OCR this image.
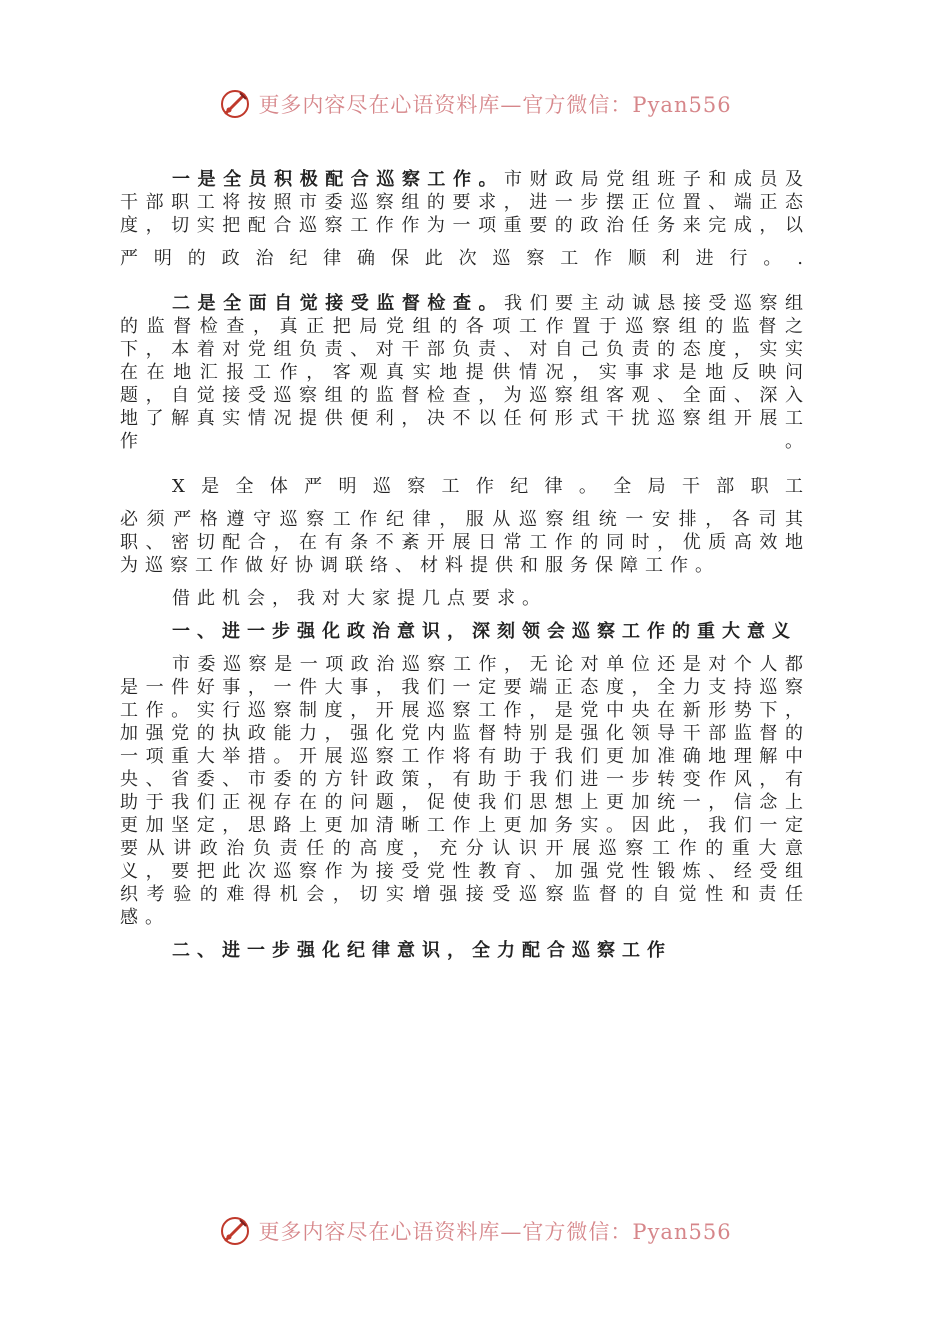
更多内容尽在心语资料库—官方微信：Pyan556

一是全员积极配合巡察工作。市财政局党组班子和成员及干部职工将按照市委巡察组的要求，进一步摆正位置、端正态度，切实把配合巡察工作作为一项重要的政治任务来完成，以

严明的政治纪律确保此次巡察工作顺利进行。.

二是全面自觉接受监督检查。我们要主动诚恳接受巡察组的监督检查，真正把局党组的各项工作置于巡察组的监督之下，本着对党组负责、对干部负责、对自己负责的态度，实实在在地汇报工作，客观真实地提供情况，实事求是地反映问题，自觉接受巡察组的监督检查，为巡察组客观、全面、深入地了解真实情况提供便利，决不以任何形式干扰巡察组开展工作。

X是全体严明巡察工作纪律。全局干部职工

必须严格遵守巡察工作纪律，服从巡察组统一安排，各司其职、密切配合，在有条不紊开展日常工作的同时，优质高效地为巡察工作做好协调联络、材料提供和服务保障工作。

借此机会，我对大家提几点要求。

一、进一步强化政治意识，深刻领会巡察工作的重大意义

市委巡察是一项政治巡察工作，无论对单位还是对个人都是一件好事，一件大事，我们一定要端正态度，全力支持巡察工作。实行巡察制度，开展巡察工作，是党中央在新形势下，加强党的执政能力，强化党内监督特别是强化领导干部监督的一项重大举措。开展巡察工作将有助于我们更加准确地理解中央、省委、市委的方针政策，有助于我们进一步转变作风，有助于我们正视存在的问题，促使我们思想上更加统一，信念上更加坚定，思路上更加清晰工作上更加务实。因此，我们一定要从讲政治负责任的高度，充分认识开展巡察工作的重大意义，要把此次巡察作为接受党性教育、加强党性锻炼、经受组织考验的难得机会，切实增强接受巡察监督的自觉性和责任感。

二、进一步强化纪律意识，全力配合巡察工作

更多内容尽在心语资料库—官方微信：Pyan556
